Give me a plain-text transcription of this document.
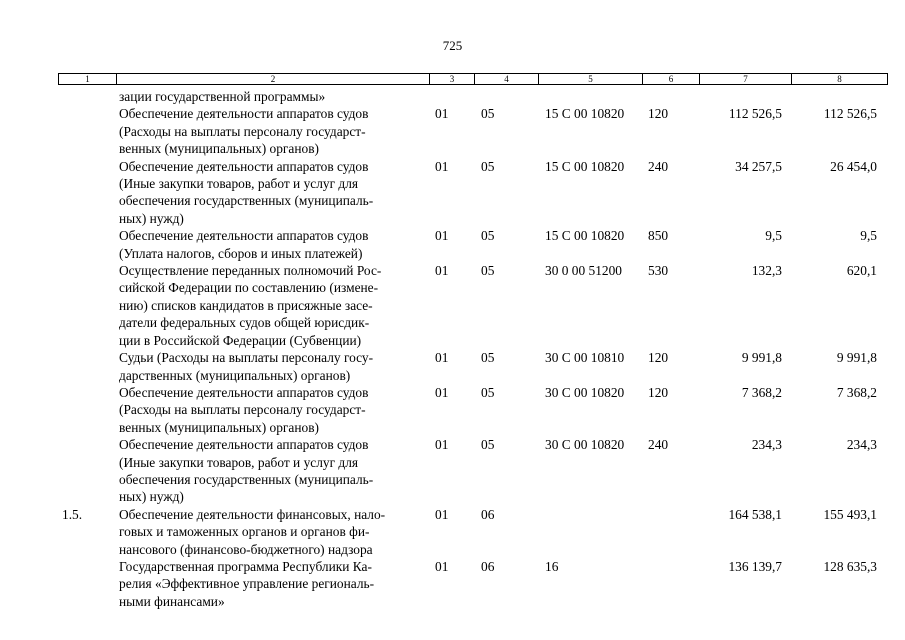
725
1	2	3	4	5	6	7	8
зации государственной программы»
Обеспечение деятельности аппаратов судов
(Расходы на выплаты персоналу государст-
венных (муниципальных) органов)
01 05	15 С 00 10820 120	112 526,5	112 526,5
Обеспечение деятельности аппаратов судов
(Иные закупки товаров, работ и услуг для
обеспечения государственных (муниципаль-
ных) нужд)
01 05	15 С 00 10820 240	34 257,5	26 454,0
Обеспечение деятельности аппаратов судов
(Уплата налогов, сборов и иных платежей)
01 05	15 С 00 10820 850	9,5	9,5
Осуществление переданных полномочий Рос-
сийской Федерации по составлению (измене-
нию) списков кандидатов в присяжные засе-
датели федеральных судов общей юрисдик-
ции в Российской Федерации (Субвенции)
01 05	30 0 00 51200 530	132,3	620,1
Судьи (Расходы на выплаты персоналу госу-
дарственных (муниципальных) органов)
01 05	30 С 00 10810 120	9 991,8	9 991,8
Обеспечение деятельности аппаратов судов
(Расходы на выплаты персоналу государст-
венных (муниципальных) органов)
01 05	30 С 00 10820 120	7 368,2	7 368,2
Обеспечение деятельности аппаратов судов
(Иные закупки товаров, работ и услуг для
обеспечения государственных (муниципаль-
ных) нужд)
01 05	30 С 00 10820 240	234,3	234,3
1.5.	Обеспечение деятельности финансовых, нало-
говых и таможенных органов и органов фи-
нансового (финансово-бюджетного) надзора
01 06	164 538,1	155 493,1
Государственная программа Республики Ка-
релия «Эффективное управление региональ-
ными финансами»
01 06	16	136 139,7	128 635,3
